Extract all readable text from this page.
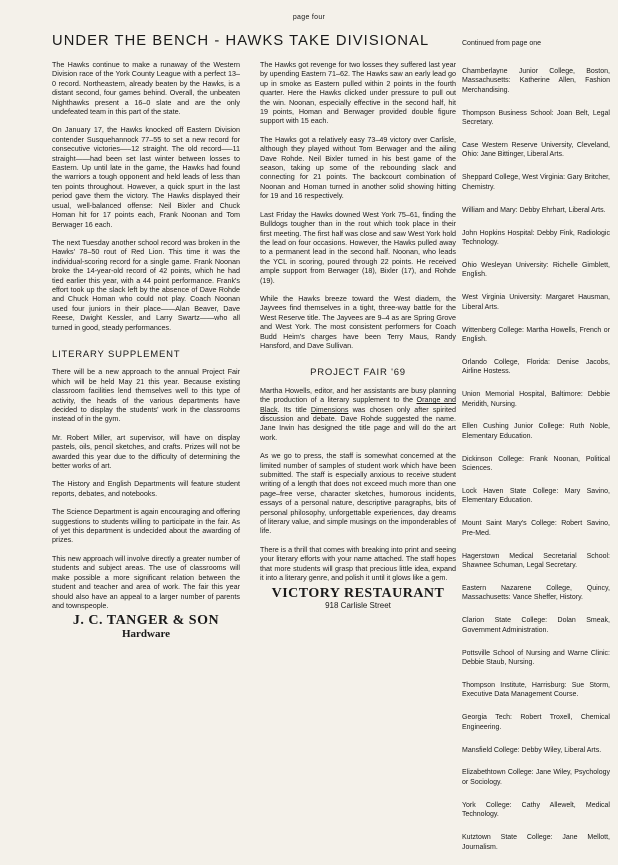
page four
UNDER THE BENCH - HAWKS TAKE DIVISIONAL	Continued from page one

The Hawks continue to make a runaway of the Western Division race of the York County League with a perfect 13–0 record. Northeastern, already beaten by the Hawks, is a distant second, four games behind. Overall, the unbeaten Nighthawks present a 16–0 slate and are the only undefeated team in this part of the state.

On January 17, the Hawks knocked off Eastern Division contender Susquehannock 77–55 to set a new record for consecutive victories—–12 straight. The old record—–11 straight——had been set last winter between losses to Eastern. Up until late in the game, the Hawks had found the warriors a tough opponent and held leads of less than ten points throughout. However, a quick spurt in the last period gave them the victory. The Hawks displayed their usual, well-balanced offense: Neil Bixler and Chuck Homan hit for 17 points each, Frank Noonan and Tom Berwager 16 each.

The next Tuesday another school record was broken in the Hawks' 78–50 rout of Red Lion. This time it was the individual-scoring record for a single game. Frank Noonan broke the 14-year-old record of 42 points, which he had tied earlier this year, with a 44 point performance. Frank's effort took up the slack left by the absence of Dave Rohde and Chuck Homan who could not play. Coach Noonan used four juniors in their place——Alan Beaver, Dave Reese, Dwight Kessler, and Larry Swartz——who all turned in good, steady performances.

LITERARY SUPPLEMENT

There will be a new approach to the annual Project Fair which will be held May 21 this year. Because existing classroom facilities lend themselves well to this type of activity, the heads of the various departments have decided to display the students' work in the classrooms instead of in the gym.

Mr. Robert Miller, art supervisor, will have on display pastels, oils, pencil sketches, and crafts. Prizes will not be awarded this year due to the difficulty of determining the better works of art.

The History and English Departments will feature student reports, debates, and notebooks.

The Science Department is again encouraging and offering suggestions to students willing to participate in the fair. As of yet this department is undecided about the awarding of prizes.

This new approach will involve directly a greater number of students and subject areas. The use of classrooms will make possible a more significant relation between the student and teacher and area of work. The fair this year should also have an appeal to a larger number of parents and townspeople.

J. C. TANGER & SON
Hardware

The Hawks got revenge for two losses they suffered last year by upending Eastern 71–62. The Hawks saw an early lead go up in smoke as Eastern pulled within 2 points in the fourth quarter. Here the Hawks clicked under pressure to pull out the win. Noonan, especially effective in the second half, hit 19 points, Homan and Berwager provided double figure support with 15 each.

The Hawks got a relatively easy 73–49 victory over Carlisle, although they played without Tom Berwager and the ailing Dave Rohde. Neil Bixler turned in his best game of the season, taking up some of the rebounding slack and connecting for 21 points. The backcourt combination of Noonan and Homan turned in another solid showing hitting for 19 and 16 respectively.

Last Friday the Hawks downed West York 75–61, finding the Bulldogs tougher than in the rout which took place in their first meeting. The first half was close and saw West York hold the lead on four occasions. However, the Hawks pulled away to a permanent lead in the second half. Noonan, who leads the YCL in scoring, poured through 22 points. He received ample support from Berwager (18), Bixler (17), and Rohde (19).

While the Hawks breeze toward the West diadem, the Jayvees find themselves in a tight, three-way battle for the West Reserve title. The Jayvees are 9–4 as are Spring Grove and West York. The most consistent performers for Coach Budd Heim's charges have been Terry Maus, Randy Hansford, and Dave Sullivan.

PROJECT FAIR '69

Martha Howells, editor, and her assistants are busy planning the production of a literary supplement to the Orange and Black. Its title Dimensions was chosen only after spirited discussion and debate. Dave Rohde suggested the name. Jane Irwin has designed the title page and will do the art work.

As we go to press, the staff is somewhat concerned at the limited number of samples of student work which have been submitted. The staff is especially anxious to receive student writing of a length that does not exceed much more than one page–free verse, character sketches, humorous incidents, essays of a personal nature, descriptive paragraphs, bits of personal philosophy, unforgettable experiences, day dreams of literary value, and simple musings on the imponderables of life.

There is a thrill that comes with breaking into print and seeing your literary efforts with your name attached. The staff hopes that more students will grasp that precious little idea, expand it into a literary genre, and polish it until it glows like a gem.

VICTORY RESTAURANT
918 Carlisle Street

Chamberlayne Junior College, Boston, Massachusetts: Katherine Allen, Fashion Merchandising.

Thompson Business School: Joan Belt, Legal Secretary.

Case Western Reserve University, Cleveland, Ohio: Jane Bittinger, Liberal Arts.

Sheppard College, West Virginia: Gary Britcher, Chemistry.

William and Mary: Debby Ehrhart, Liberal Arts.

John Hopkins Hospital: Debby Fink, Radiologic Technology.

Ohio Wesleyan University: Richelle Gimblett, English.

West Virginia University: Margaret Hausman, Liberal Arts.

Wittenberg College: Martha Howells, French or English.

Orlando College, Florida: Denise Jacobs, Airline Hostess.

Union Memorial Hospital, Baltimore: Debbie Meridith, Nursing.

Ellen Cushing Junior College: Ruth Noble, Elementary Education.

Dickinson College: Frank Noonan, Political Sciences.

Lock Haven State College: Mary Savino, Elementary Education.

Mount Saint Mary's College: Robert Savino, Pre-Med.

Hagerstown Medical Secretarial School: Shawnee Schuman, Legal Secretary.

Eastern Nazarene College, Quincy, Massachusetts: Vance Sheffer, History.

Clarion State College: Dolan Smeak, Government Administration.

Pottsville School of Nursing and Warne Clinic: Debbie Staub, Nursing.

Thompson Institute, Harrisburg: Sue Storm, Executive Data Management Course.

Georgia Tech: Robert Troxell, Chemical Engineering.

Mansfield College: Debby Wiley, Liberal Arts.

Elizabethtown College: Jane Wiley, Psychology or Sociology.

York College: Cathy Allewelt, Medical Technology.

Kutztown State College: Jane Mellott, Journalism.
